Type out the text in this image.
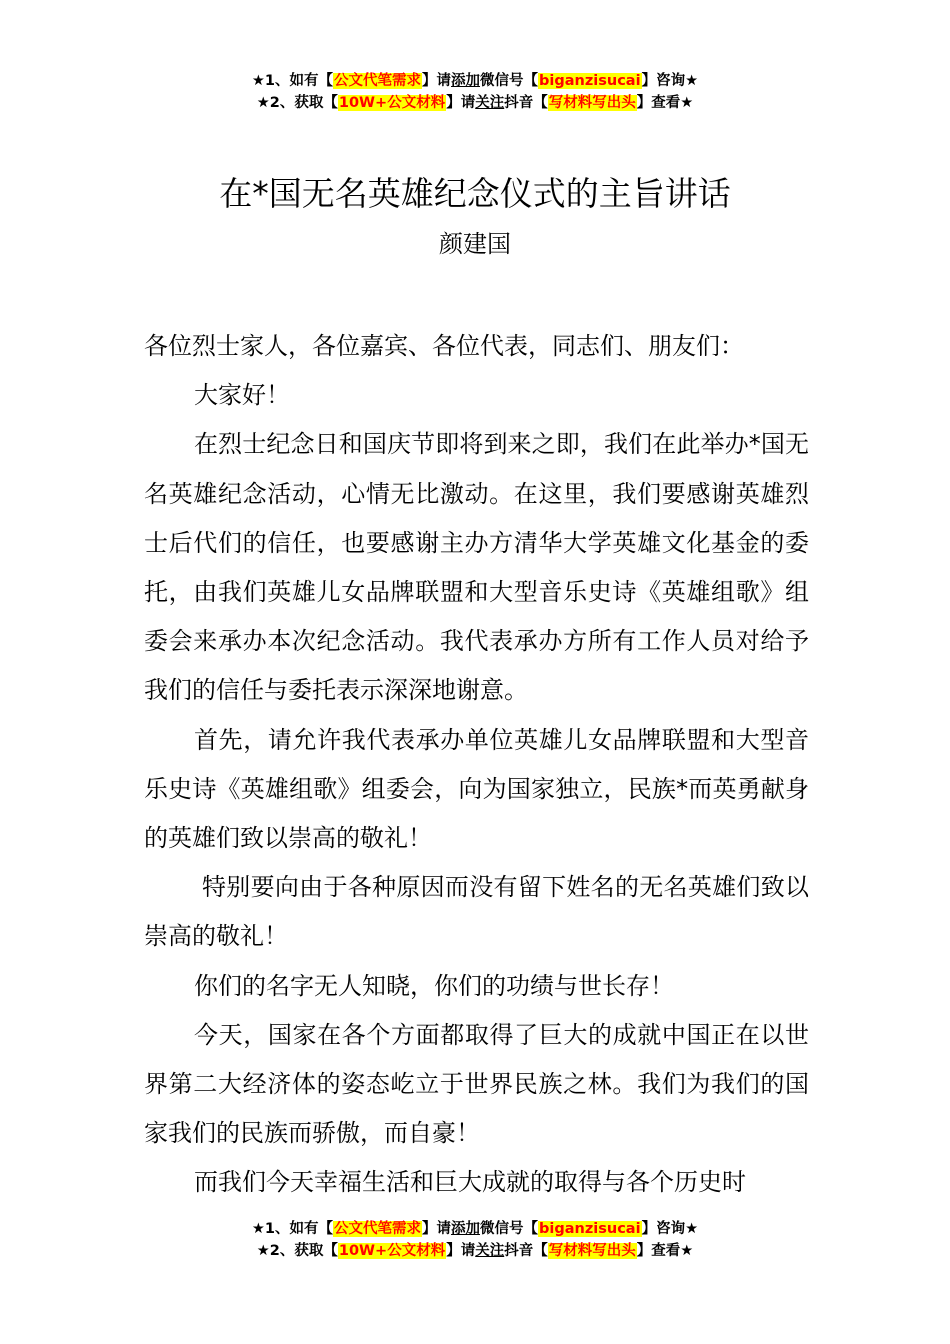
★1、如有【公文代笔需求】请添加微信号【biganzisucai】咨询★
★2、获取【10W+公文材料】请关注抖音【写材料写出头】查看★
在*国无名英雄纪念仪式的主旨讲话
颜建国

各位烈士家人，各位嘉宾、各位代表，同志们、朋友们：

大家好！

在烈士纪念日和国庆节即将到来之即，我们在此举办*国无名英雄纪念活动，心情无比激动。在这里，我们要感谢英雄烈士后代们的信任，也要感谢主办方清华大学英雄文化基金的委托，由我们英雄儿女品牌联盟和大型音乐史诗《英雄组歌》组委会来承办本次纪念活动。我代表承办方所有工作人员对给予我们的信任与委托表示深深地谢意。

首先，请允许我代表承办单位英雄儿女品牌联盟和大型音乐史诗《英雄组歌》组委会，向为国家独立，民族*而英勇献身的英雄们致以崇高的敬礼！

特别要向由于各种原因而没有留下姓名的无名英雄们致以崇高的敬礼！

你们的名字无人知晓，你们的功绩与世长存！

今天，国家在各个方面都取得了巨大的成就中国正在以世界第二大经济体的姿态屹立于世界民族之林。我们为我们的国家我们的民族而骄傲，而自豪！

而我们今天幸福生活和巨大成就的取得与各个历史时

★1、如有【公文代笔需求】请添加微信号【biganzisucai】咨询★
★2、获取【10W+公文材料】请关注抖音【写材料写出头】查看★
